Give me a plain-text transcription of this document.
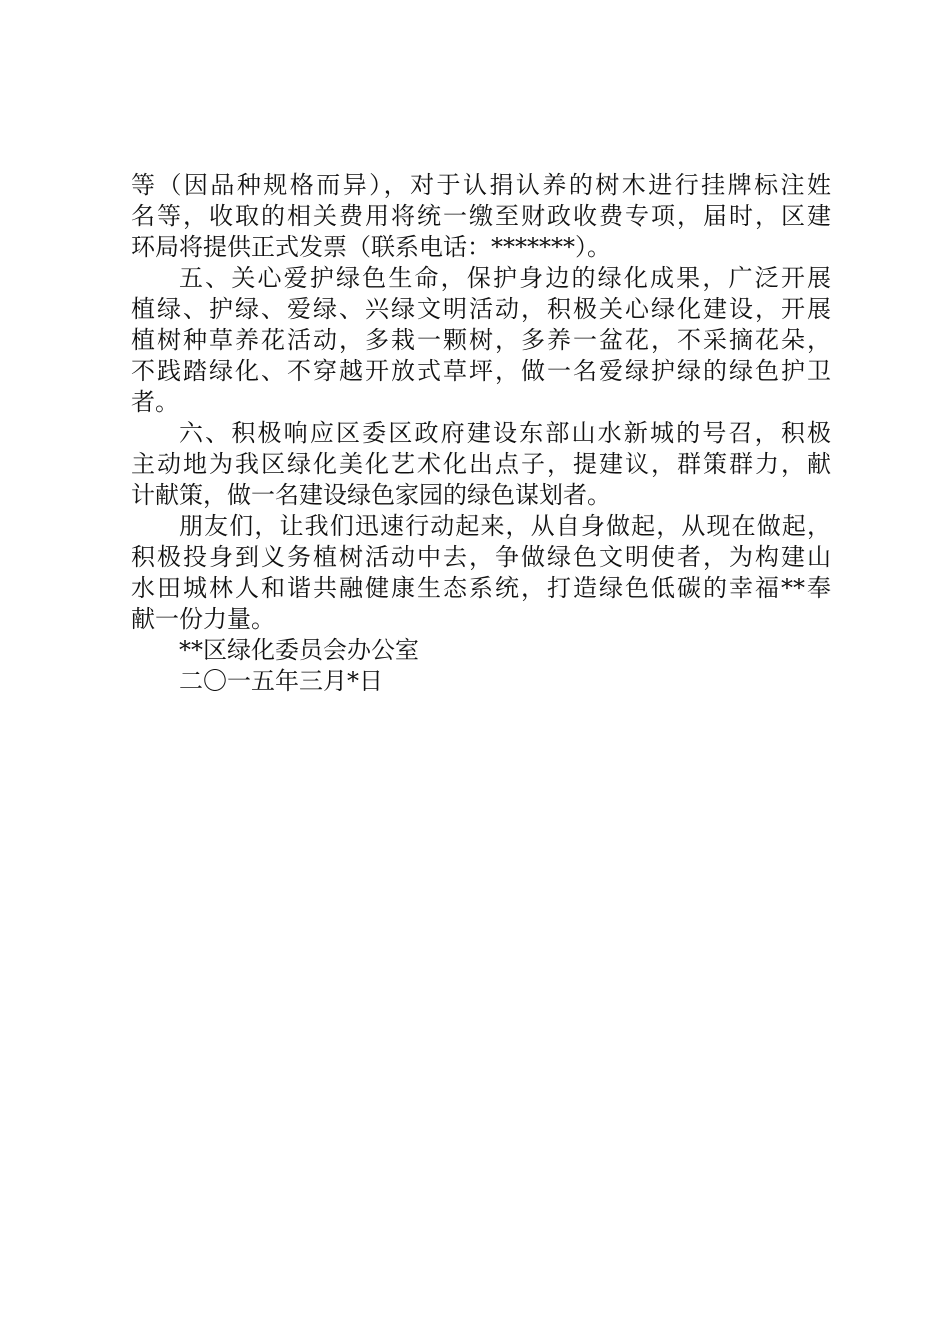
等（因品种规格而异），对于认捐认养的树木进行挂牌标注姓
名等，收取的相关费用将统一缴至财政收费专项，届时，区建
环局将提供正式发票（联系电话：*******）。
五、关心爱护绿色生命，保护身边的绿化成果，广泛开展
植绿、护绿、爱绿、兴绿文明活动，积极关心绿化建设，开展
植树种草养花活动，多栽一颗树，多养一盆花，不采摘花朵，
不践踏绿化、不穿越开放式草坪，做一名爱绿护绿的绿色护卫
者。
六、积极响应区委区政府建设东部山水新城的号召，积极
主动地为我区绿化美化艺术化出点子，提建议，群策群力，献
计献策，做一名建设绿色家园的绿色谋划者。
朋友们，让我们迅速行动起来，从自身做起，从现在做起，
积极投身到义务植树活动中去，争做绿色文明使者，为构建山
水田城林人和谐共融健康生态系统，打造绿色低碳的幸福**奉
献一份力量。
**区绿化委员会办公室
二〇一五年三月*日
